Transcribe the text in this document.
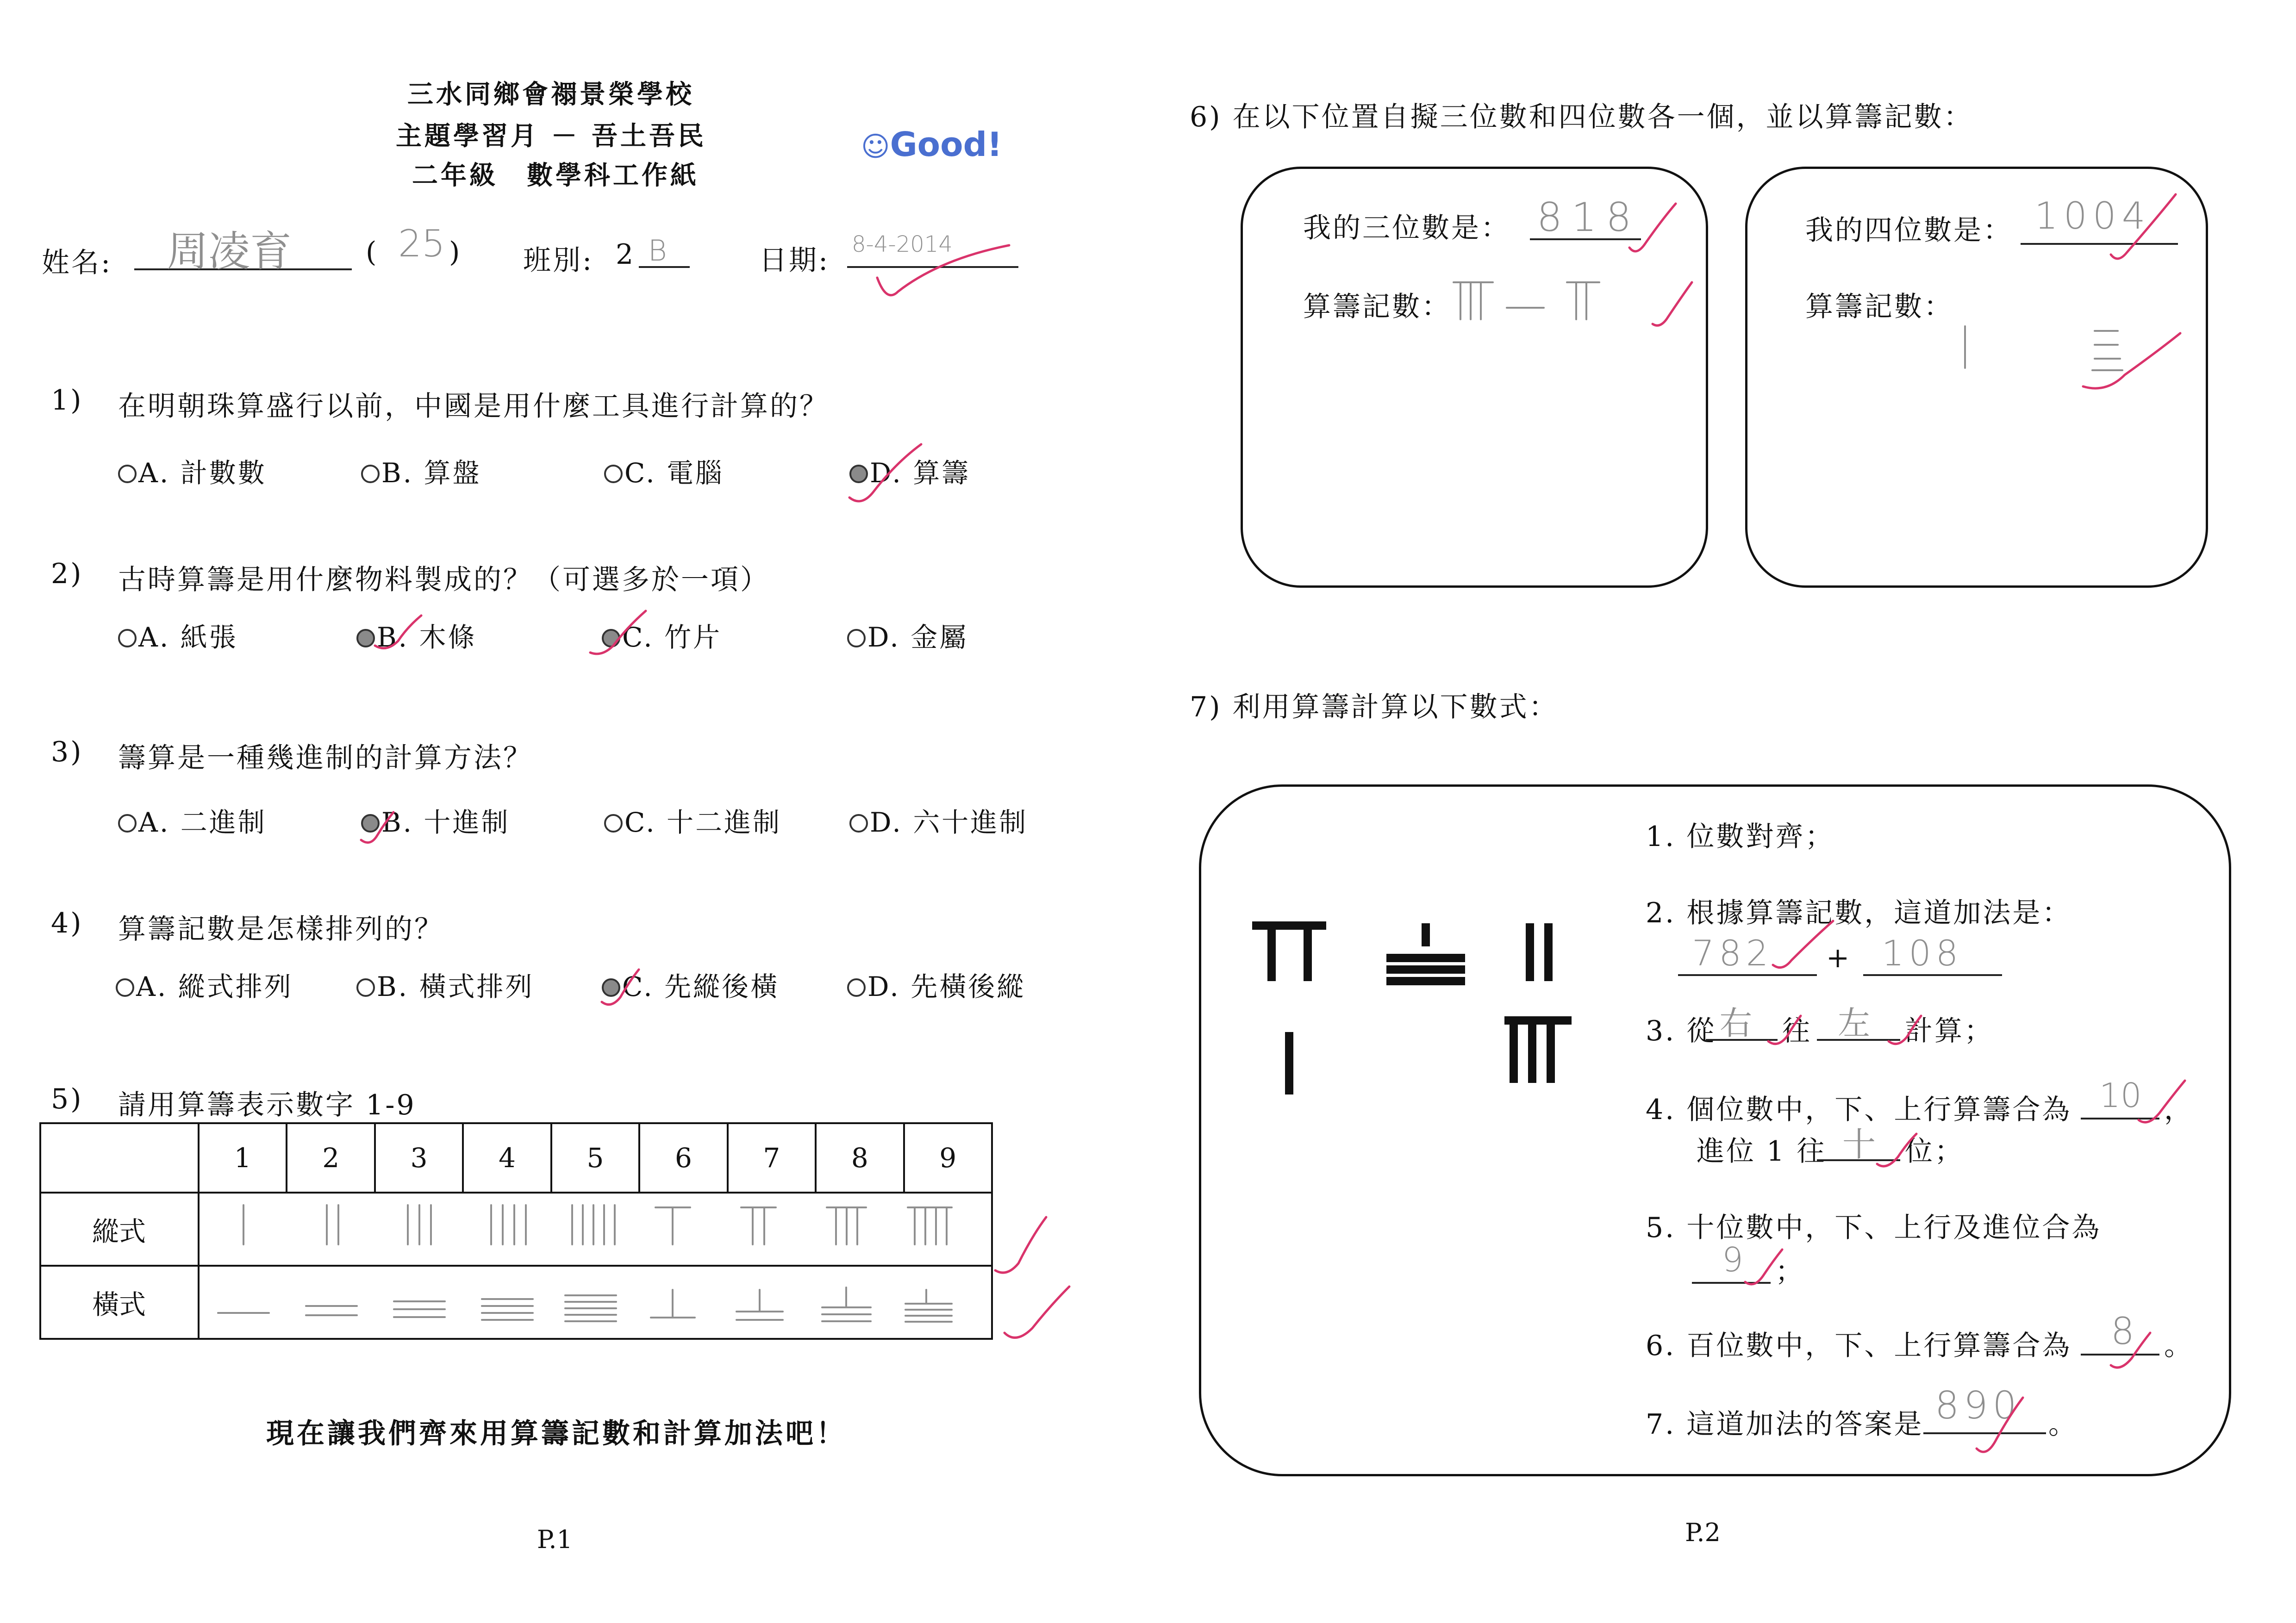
三水同鄉會禤景榮學校
主題學習月 － 吾土吾民
二年級　數學科工作紙
☺Good!
姓名: 周凌育	( 25 ) 班別: 2 B	日期: 8-4-2014
1) 在明朝珠算盛行以前，中國是用什麼工具進行計算的？
A. 計數數	B. 算盤	C. 電腦	D. 算籌
2) 古時算籌是用什麼物料製成的？（可選多於一項）
A. 紙張	B. 木條	C. 竹片	D. 金屬
3) 籌算是一種幾進制的計算方法？
A. 二進制	B. 十進制	C. 十二進制	D. 六十進制
4) 算籌記數是怎樣排列的？
A. 縱式排列	B. 橫式排列	C. 先縱後橫	D. 先橫後縱
5) 請用算籌表示數字 1-9
	1	2	3	4	5	6	7	8	9
縱式	
橫式	
現在讓我們齊來用算籌記數和計算加法吧！
P.1
6) 在以下位置自擬三位數和四位數各一個，並以算籌記數：
我的三位數是： 818
算籌記數：
我的四位數是： 1004
算籌記數：
7) 利用算籌計算以下數式：
1. 位數對齊；
2. 根據算籌記數，這道加法是：
782 + 108
3. 從 右 往 左 計算；
4. 個位數中，下、上行算籌合為 10 ，
進位 1 往 十 位；
5. 十位數中，下、上行及進位合為
9 ；
6. 百位數中，下、上行算籌合為 8 。
7. 這道加法的答案是 890 。
P.2
